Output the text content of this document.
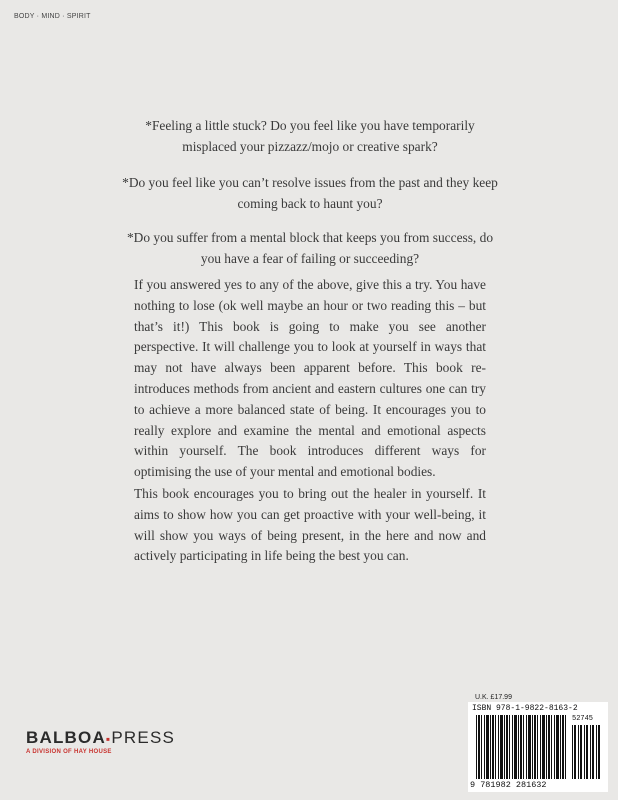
BODY · MIND · SPIRIT
*Feeling a little stuck? Do you feel like you have temporarily misplaced your pizzazz/mojo or creative spark?
*Do you feel like you can’t resolve issues from the past and they keep coming back to haunt you?
*Do you suffer from a mental block that keeps you from success, do you have a fear of failing or succeeding?
If you answered yes to any of the above, give this a try. You have nothing to lose (ok well maybe an hour or two reading this – but that’s it!) This book is going to make you see another perspective. It will challenge you to look at yourself in ways that may not have always been apparent before. This book re-introduces methods from ancient and eastern cultures one can try to achieve a more balanced state of being. It encourages you to really explore and examine the mental and emotional aspects within yourself. The book introduces different ways for optimising the use of your mental and emotional bodies.
This book encourages you to bring out the healer in yourself. It aims to show how you can get proactive with your well-being, it will show you ways of being present, in the here and now and actively participating in life being the best you can.
BALBOA▪PRESS
A DIVISION OF HAY HOUSE
U.K. £17.99
ISBN 978-1-9822-8163-2
52745
9 781982 281632
